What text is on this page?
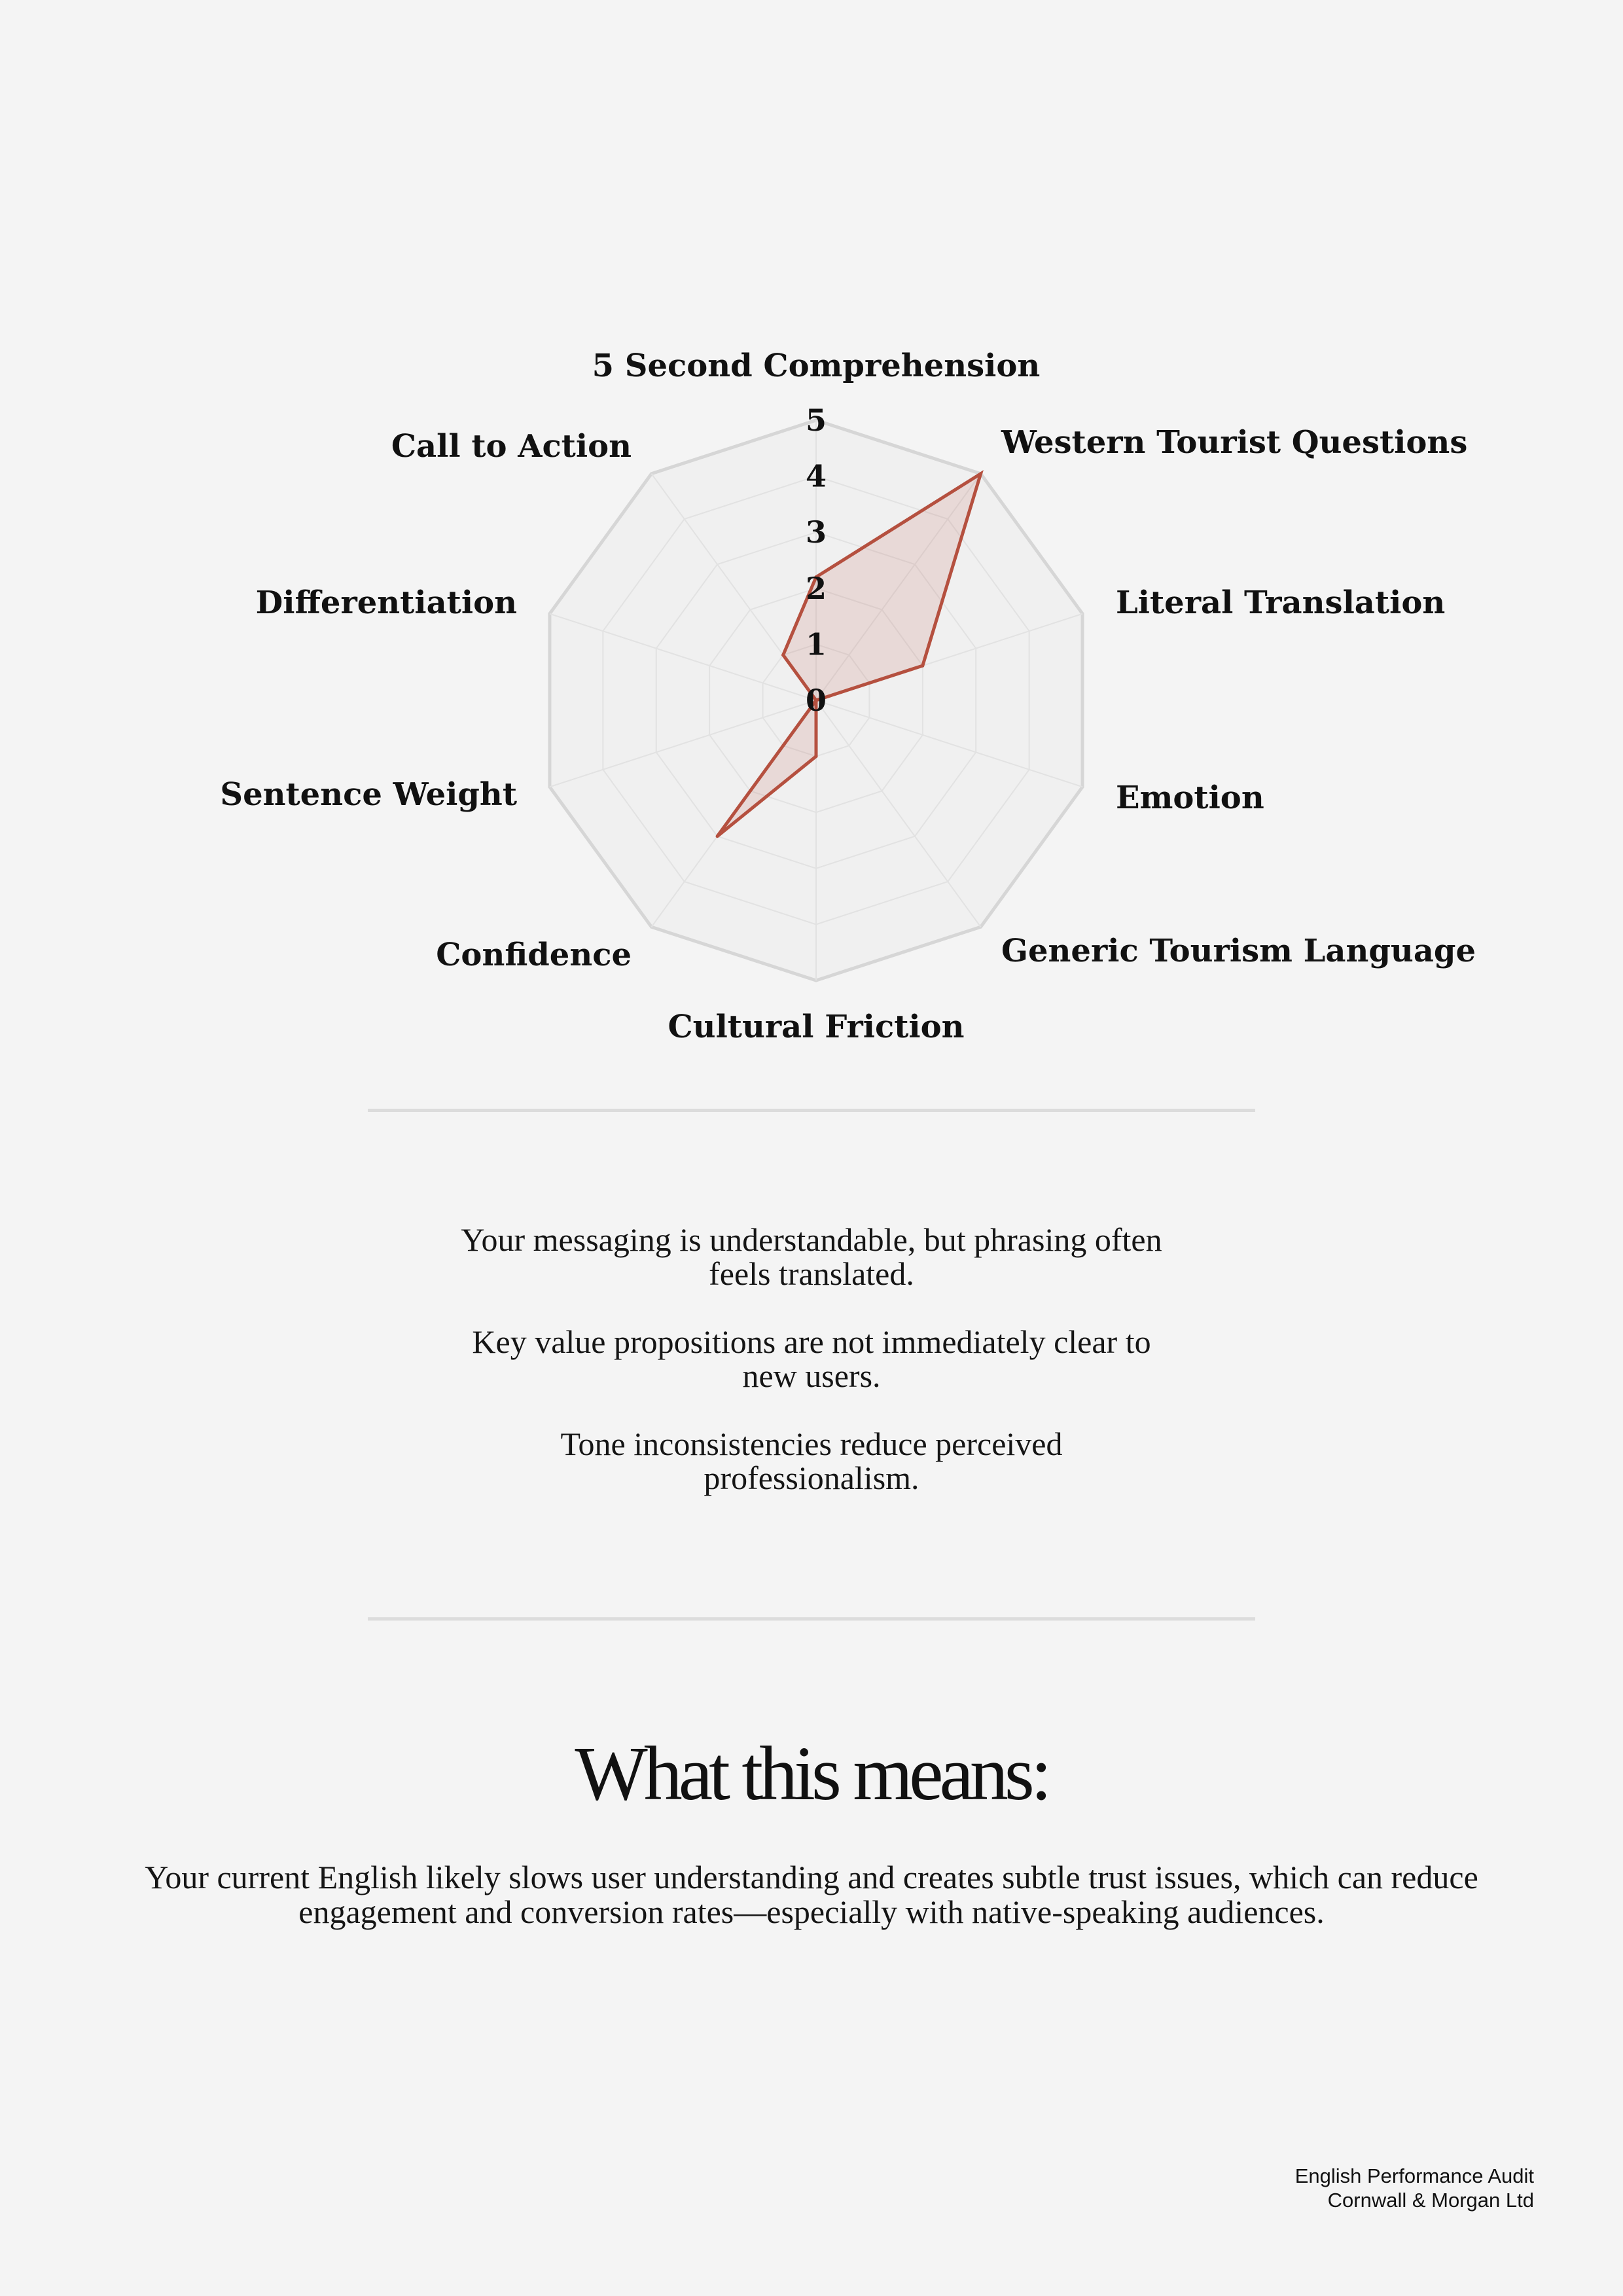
0
1
2
3
4
5
5 Second Comprehension
Western Tourist Questions
Literal Translation
Emotion
Generic Tourism Language
Cultural Friction
Confidence
Sentence Weight
Differentiation
Call to Action

Your messaging is understandable, but phrasing often feels translated.

Key value propositions are not immediately clear to new users.

Tone inconsistencies reduce perceived professionalism.

What this means:

Your current English likely slows user understanding and creates subtle trust issues, which can reduce engagement and conversion rates—especially with native-speaking audiences.

English Performance Audit
Cornwall & Morgan Ltd
